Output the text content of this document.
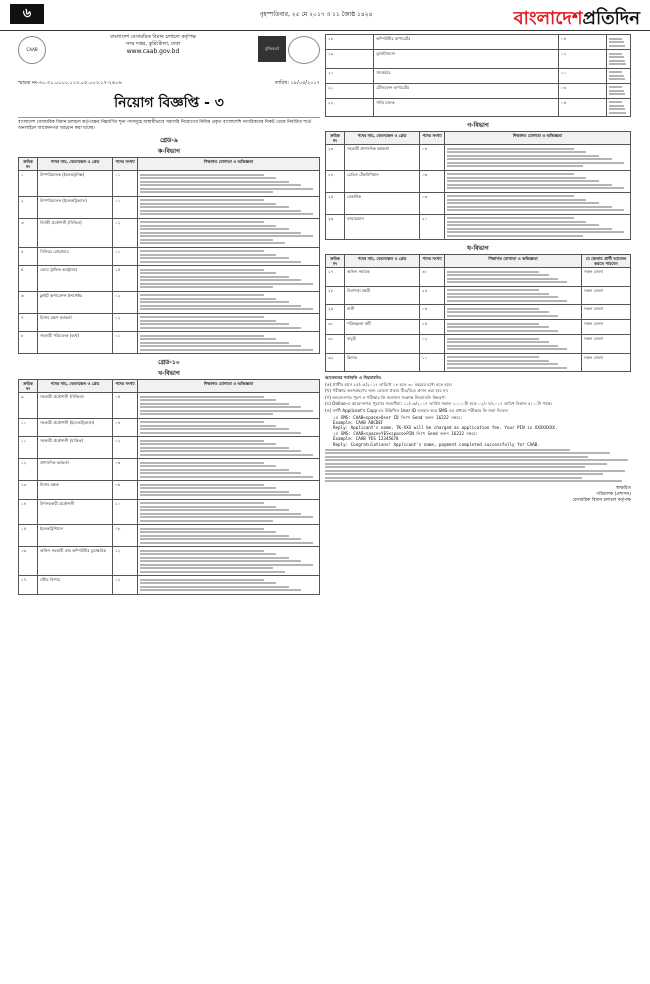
৬	বৃহস্পতিবার, ২৫ মে ২০১৭ ॥ ১১ জ্যৈষ্ঠ ১৪২৪	বাংলাদেশপ্রতিদিন
CAAB	মুজিববর্ষ
বাংলাদেশ বেসামরিক বিমান চলাচল কর্তৃপক্ষ
সদর দপ্তর, কুর্মিটোলা, ঢাকা
www.caab.gov.bd
স্মারক নং-৩০.৩১.০০০০.১১৩.০৫.০০৩.১৭-২৬১৬	তারিখ: ১৮/০৫/২০১৭
নিয়োগ বিজ্ঞপ্তি - ৩
বাংলাদেশ বেসামরিক বিমান চলাচল কর্তৃপক্ষের নিম্নবর্ণিত শূন্য পদসমূহে অস্থায়ীভাবে সরাসরি নিয়োগের নিমিত্ত প্রকৃত বাংলাদেশি নাগরিকদের নিকট থেকে নির্ধারিত শর্তে অনলাইনে আবেদনপত্র আহ্বান করা যাচ্ছে।
গ্রেড-৯
ক-বিভাগ
ক্রমিক নং	পদের নাম, বেতনস্কেল ও গ্রেড	পদের সংখ্যা	শিক্ষাগত যোগ্যতা ও অভিজ্ঞতা
১	উপপরিচালক (ইলেকট্রনিক্স)	০১	

২	উপপরিচালক (ইলেকট্রিক্যাল)	০১	

৩	নির্বাহী প্রকৌশলী (সিভিল)	০২	

৪	সিনিয়র প্রোগ্রামার	০১	

৫	এয়ার ট্রাফিক কন্ট্রোলার	১৫	

৬	ফ্লাইট অপারেশন্স ইন্সপেক্টর	০২	

৭	হিসাব রক্ষণ কর্মকর্তা	০২	

৮	সহকারী পরিচালক (অর্থ)	০১	
গ্রেড-১০
খ-বিভাগ
ক্রমিক নং	পদের নাম, বেতনস্কেল ও গ্রেড	পদের সংখ্যা	শিক্ষাগত যোগ্যতা ও অভিজ্ঞতা
৯	সহকারী প্রকৌশলী (সিভিল)	০৫	

১০	সহকারী প্রকৌশলী (ইলেকট্রিক্যাল)	০৪	

১১	সহকারী প্রকৌশলী (যান্ত্রিক)	০২	

১২	প্রশাসনিক কর্মকর্তা	০৩	

১৩	হিসাব রক্ষক	০৬	

১৪	উপসহকারী প্রকৌশলী	১০	

১৫	ইলেকট্রিশিয়ান	০৮	

১৬	অফিস সহকারী কাম কম্পিউটার মুদ্রাক্ষরিক	১২	

১৭	স্টোর কিপার	০২	
১৮	কম্পিউটার অপারেটর	০৪	

১৯	ড্রাফটসম্যান	০২	

২০	সার্ভেয়ার	০১	

২১	টেলিফোন অপারেটর	০৩	

২২	গাড়ি চালক	০৫	
গ-বিভাগ
ক্রমিক নং	পদের নাম, বেতনস্কেল ও গ্রেড	পদের সংখ্যা	শিক্ষাগত যোগ্যতা ও অভিজ্ঞতা
২৩	সহকারী প্রশাসনিক কর্মকর্তা	০৪	

২৪	রেডিও টেকনিশিয়ান	০৬	

২৫	মেকানিক	০৩	

২৬	ফায়ারম্যান	২০	
ঘ-বিভাগ
ক্রমিক নং	পদের নাম, বেতনস্কেল ও গ্রেড	পদের সংখ্যা	শিক্ষাগত যোগ্যতা ও অভিজ্ঞতা	যে জেলার প্রার্থী আবেদন করতে পারবেন
২৭	অফিস সহায়ক	৩০		সকল জেলা
২৮	নিরাপত্তা প্রহরী	২৫		সকল জেলা
২৯	মালী	০৫		সকল জেলা
৩০	পরিচ্ছন্নতা কর্মী	১৫		সকল জেলা
৩১	বাবুর্চি	০২		সকল জেলা
৩২	ক্লিনার	১০		সকল জেলা

আবেদনের শর্তাবলি ও নিয়মাবলি:

(ক) প্রার্থীর বয়স ২৫/০৫/২০১৭ তারিখে ১৮ হতে ৩০ বছরের মধ্যে হতে হবে।

(খ) পরীক্ষায় অংশগ্রহণের জন্য কোনো প্রকার টিএ/ডিএ প্রদান করা হবে না।

(গ) আবেদনপত্র পূরণ ও পরীক্ষার ফি জমাদান সংক্রান্ত নিয়মাবলি নিম্নরূপ:

(ঘ) Online-এ আবেদনপত্র পূরণের সময়সীমা: ১১/০৬/২০১৭ তারিখ সকাল ১০:০০টা হতে ০২/০৭/২০১৭ তারিখ বিকাল ৫:০০টা পর্যন্ত।

(ঙ) প্রার্থী Applicant's Copy-তে উল্লিখিত User ID ব্যবহার করে SMS এর মাধ্যমে পরীক্ষার ফি জমা দিবেন।

১ম SMS: CAAB<space>User ID লিখে Send করুন 16222 নম্বরে।
Example: CAAB ABCDEF
Reply: Applicant's name, TK-XXX will be charged as application fee. Your PIN is XXXXXXXX.
২য় SMS: CAAB<space>YES<space>PIN লিখে Send করুন 16222 নম্বরে।
Example: CAAB YES 12345678
Reply: Congratulations! Applicant's name, payment completed successfully for CAAB.
স্বাক্ষরিত
পরিচালক (প্রশাসন)
বেসামরিক বিমান চলাচল কর্তৃপক্ষ
